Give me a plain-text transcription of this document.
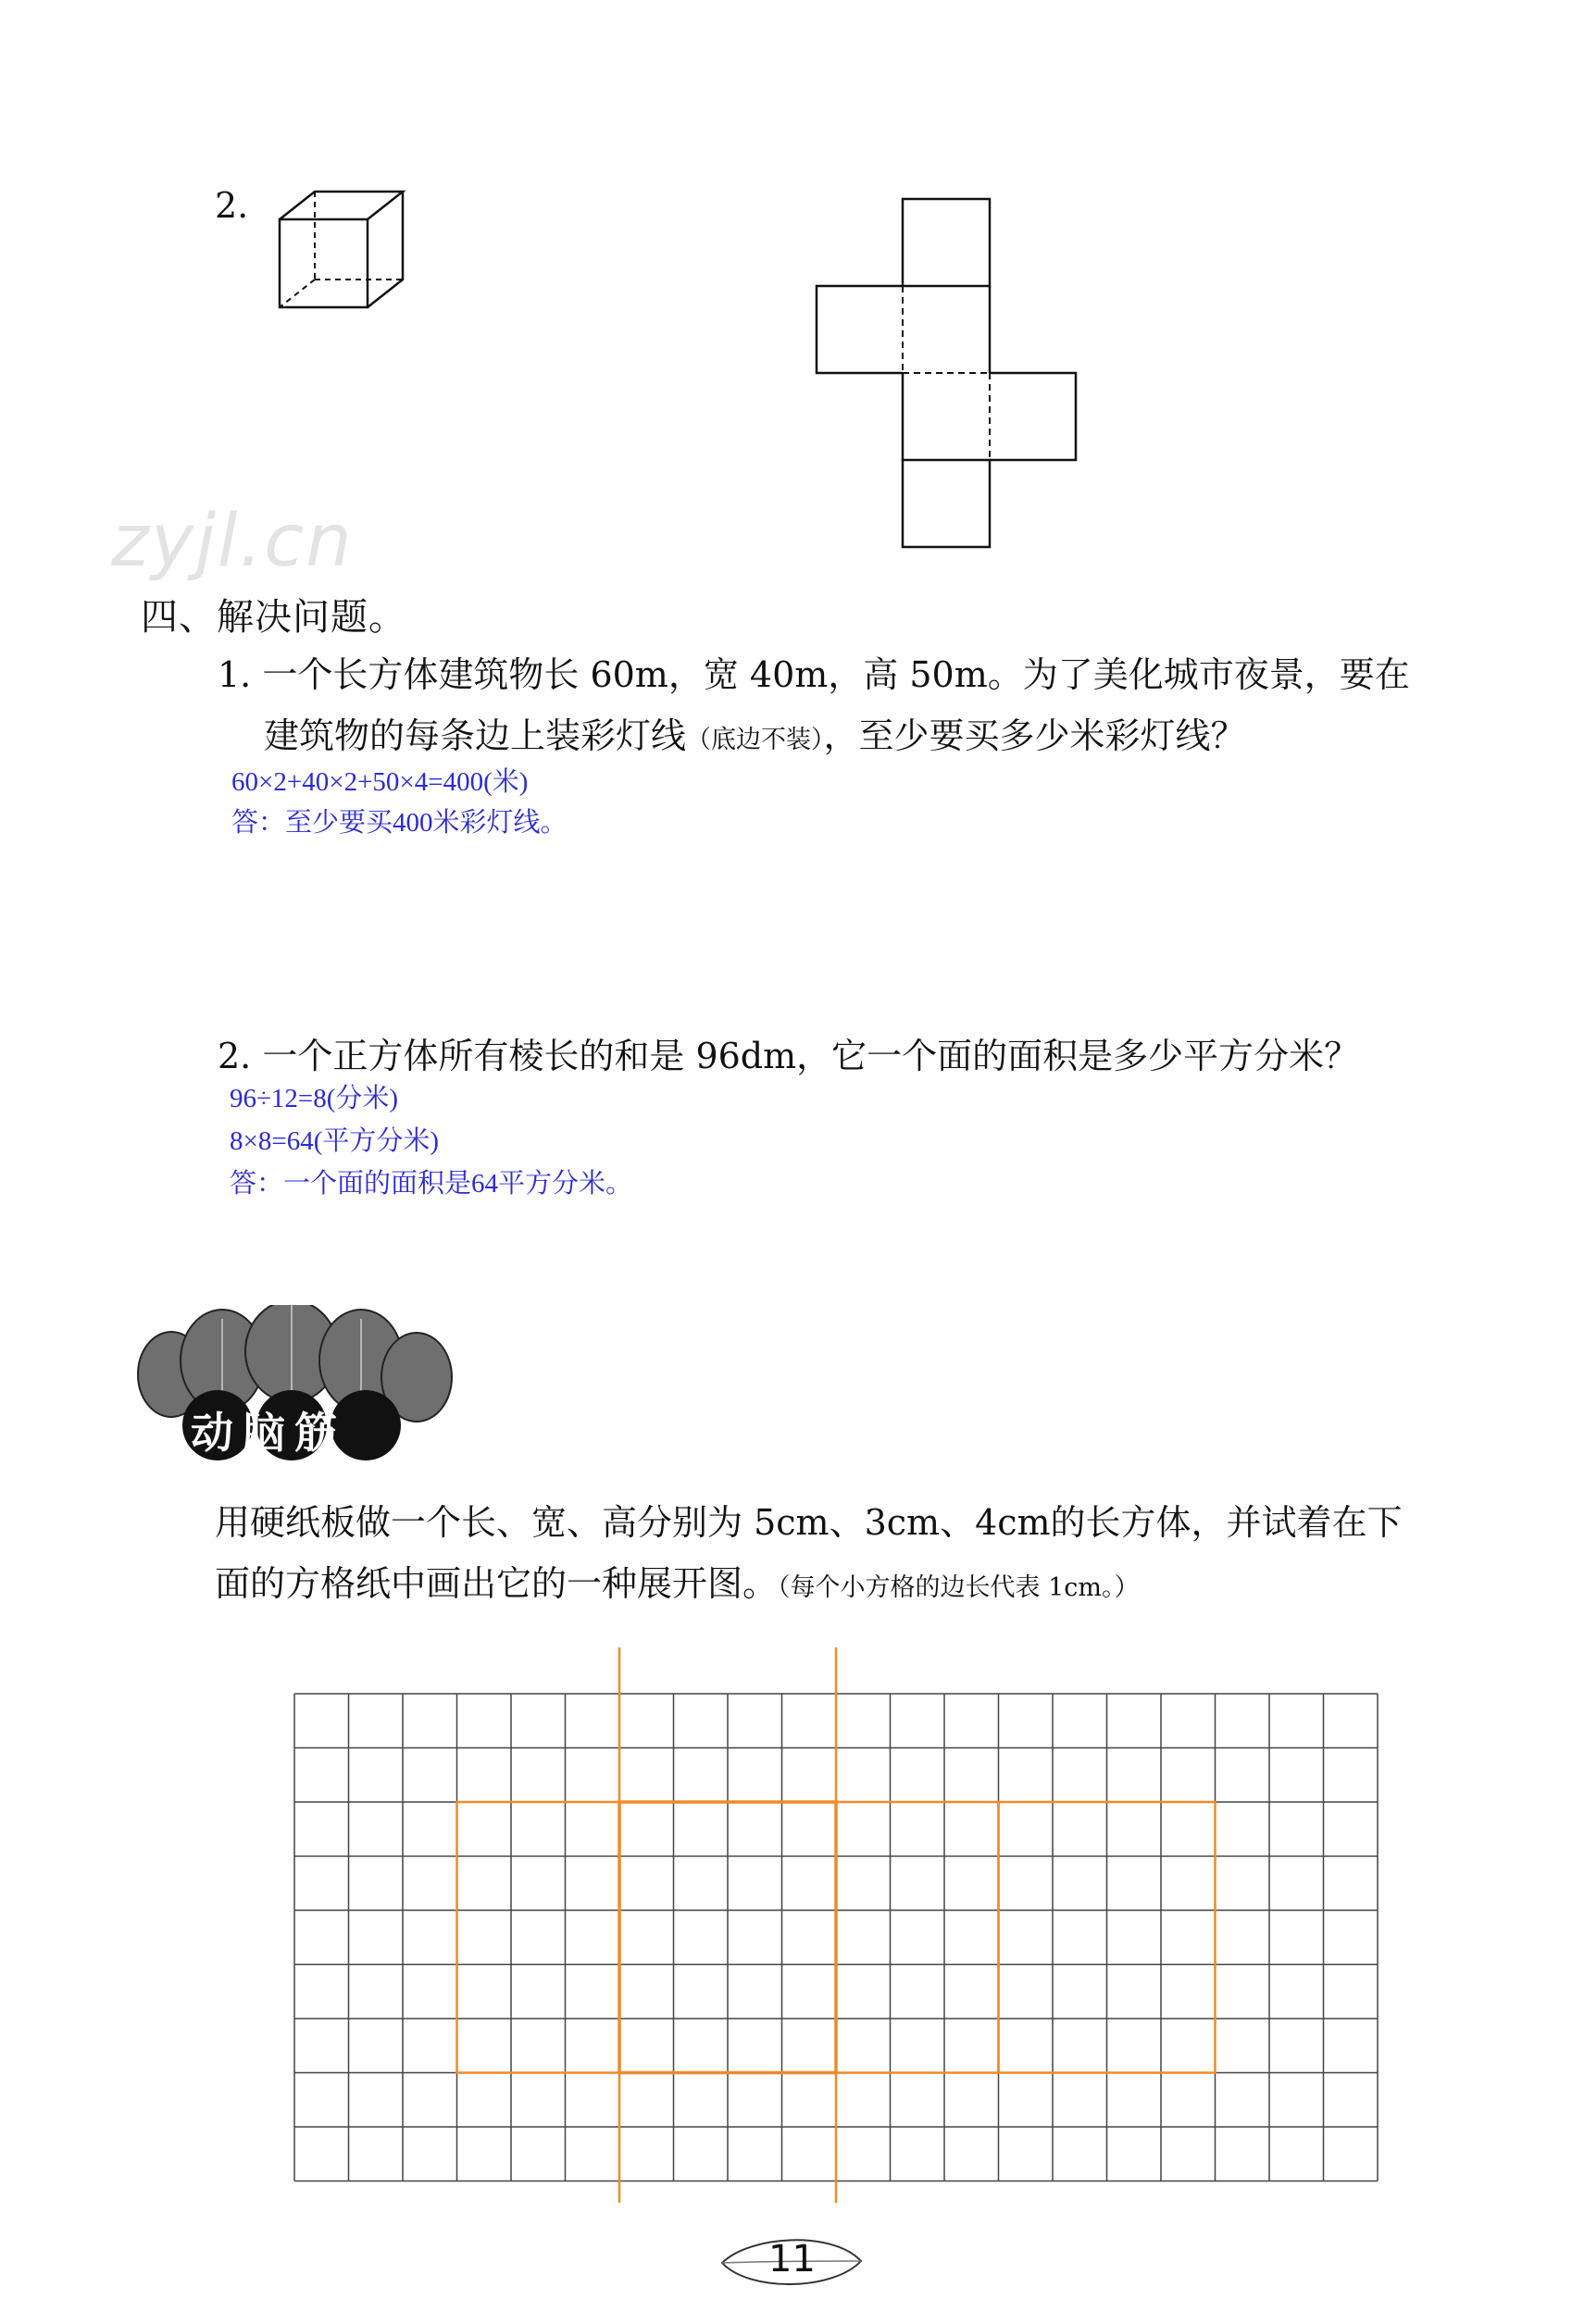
zyjl.cn
2.
四、解决问题。
1. 一个长方体建筑物长 60m，宽 40m，高 50m。为了美化城市夜景，要在
建筑物的每条边上装彩灯线（底边不装），至少要买多少米彩灯线？
60×2+40×2+50×4=400(米)
答：至少要买400米彩灯线。
2. 一个正方体所有棱长的和是 96dm，它一个面的面积是多少平方分米？
96÷12=8(分米)
8×8=64(平方分米)
答：一个面的面积是64平方分米。
动脑筋
用硬纸板做一个长、宽、高分别为 5cm、3cm、4cm的长方体，并试着在下
面的方格纸中画出它的一种展开图。（每个小方格的边长代表 1cm。）
11
